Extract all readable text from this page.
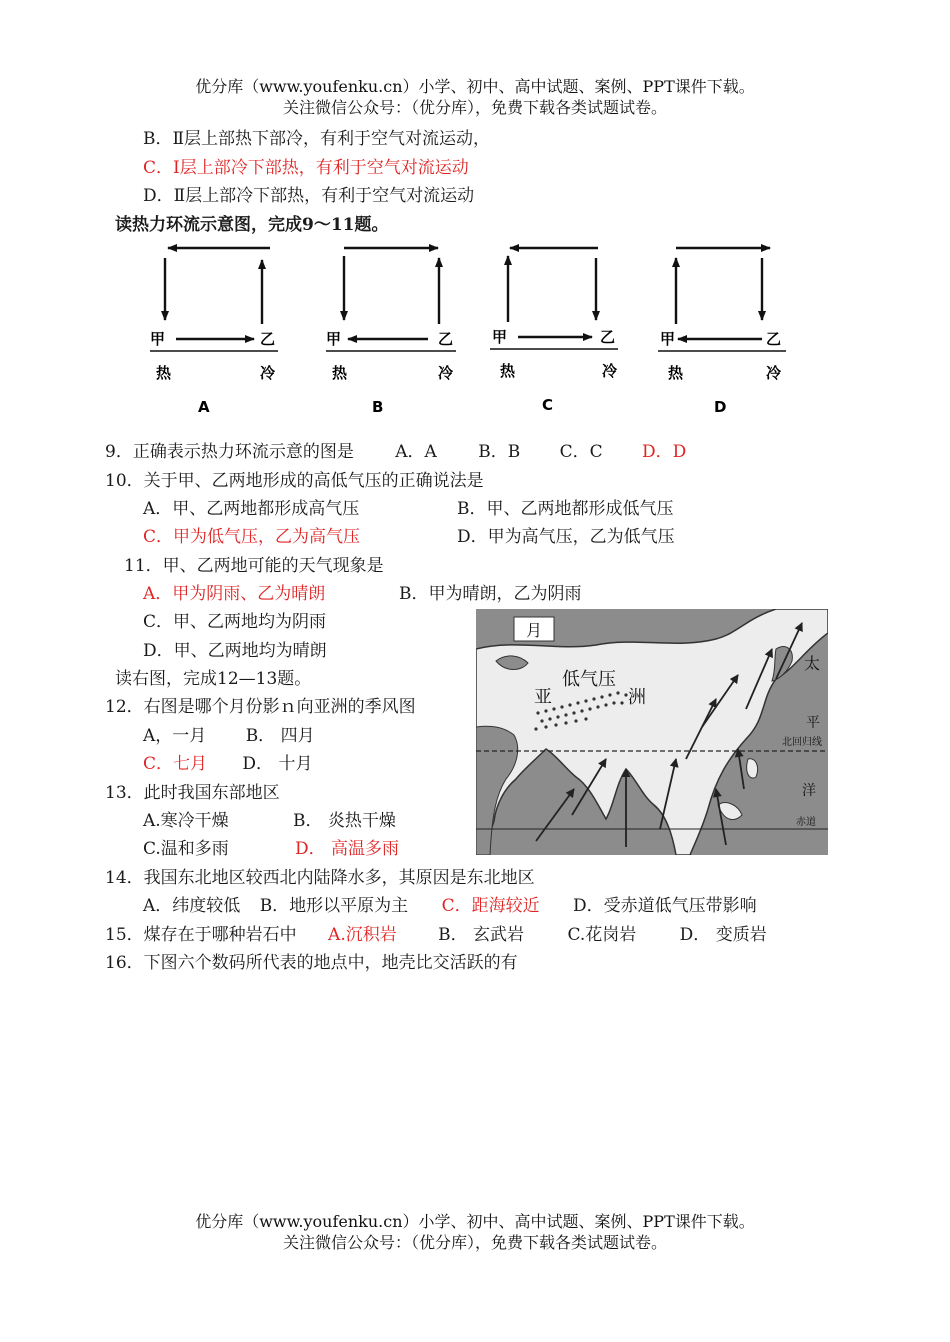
优分库（www.youfenku.cn）小学、初中、高中试题、案例、PPT课件下载。
关注微信公众号：（优分库），免费下载各类试题试卷。
B．Ⅱ层上部热下部冷，有利于空气对流运动，
C．Ⅰ层上部冷下部热，有利于空气对流运动
D．Ⅱ层上部冷下部热，有利于空气对流运动
读热力环流示意图，完成9～11题。
甲	乙
热	冷
A
甲	乙
热	冷
B
甲	乙
热	冷
C
甲	乙
热	冷
D
9．正确表示热力环流示意的图是 A．A B．B C．C D．D
10．关于甲、乙两地形成的高低气压的正确说法是
A．甲、乙两地都形成高气压	B．甲、乙两地都形成低气压
C．甲为低气压，乙为高气压	D．甲为高气压，乙为低气压
11．甲、乙两地可能的天气现象是
A．甲为阴雨、乙为晴朗	B．甲为晴朗，乙为阴雨
C．甲、乙两地均为阴雨
D．甲、乙两地均为晴朗
读右图，完成12—13题。
12．右图是哪个月份影ｎ向亚洲的季风图
A，一月 B． 四月
C．七月 D． 十月
13．此时我国东部地区
A.寒冷干燥	B． 炎热干燥
C.温和多雨	D． 高温多雨
月
低气压
亚	洲
太
平
洋
北回归线
赤道
14．我国东北地区较西北内陆降水多，其原因是东北地区
A．纬度较低 B．地形以平原为主 C．距海较近 D．受赤道低气压带影响
15．煤存在于哪种岩石中 A.沉积岩 B． 玄武岩	C.花岗岩	D． 变质岩
16．下图六个数码所代表的地点中，地壳比交活跃的有
优分库（www.youfenku.cn）小学、初中、高中试题、案例、PPT课件下载。
关注微信公众号：（优分库），免费下载各类试题试卷。
